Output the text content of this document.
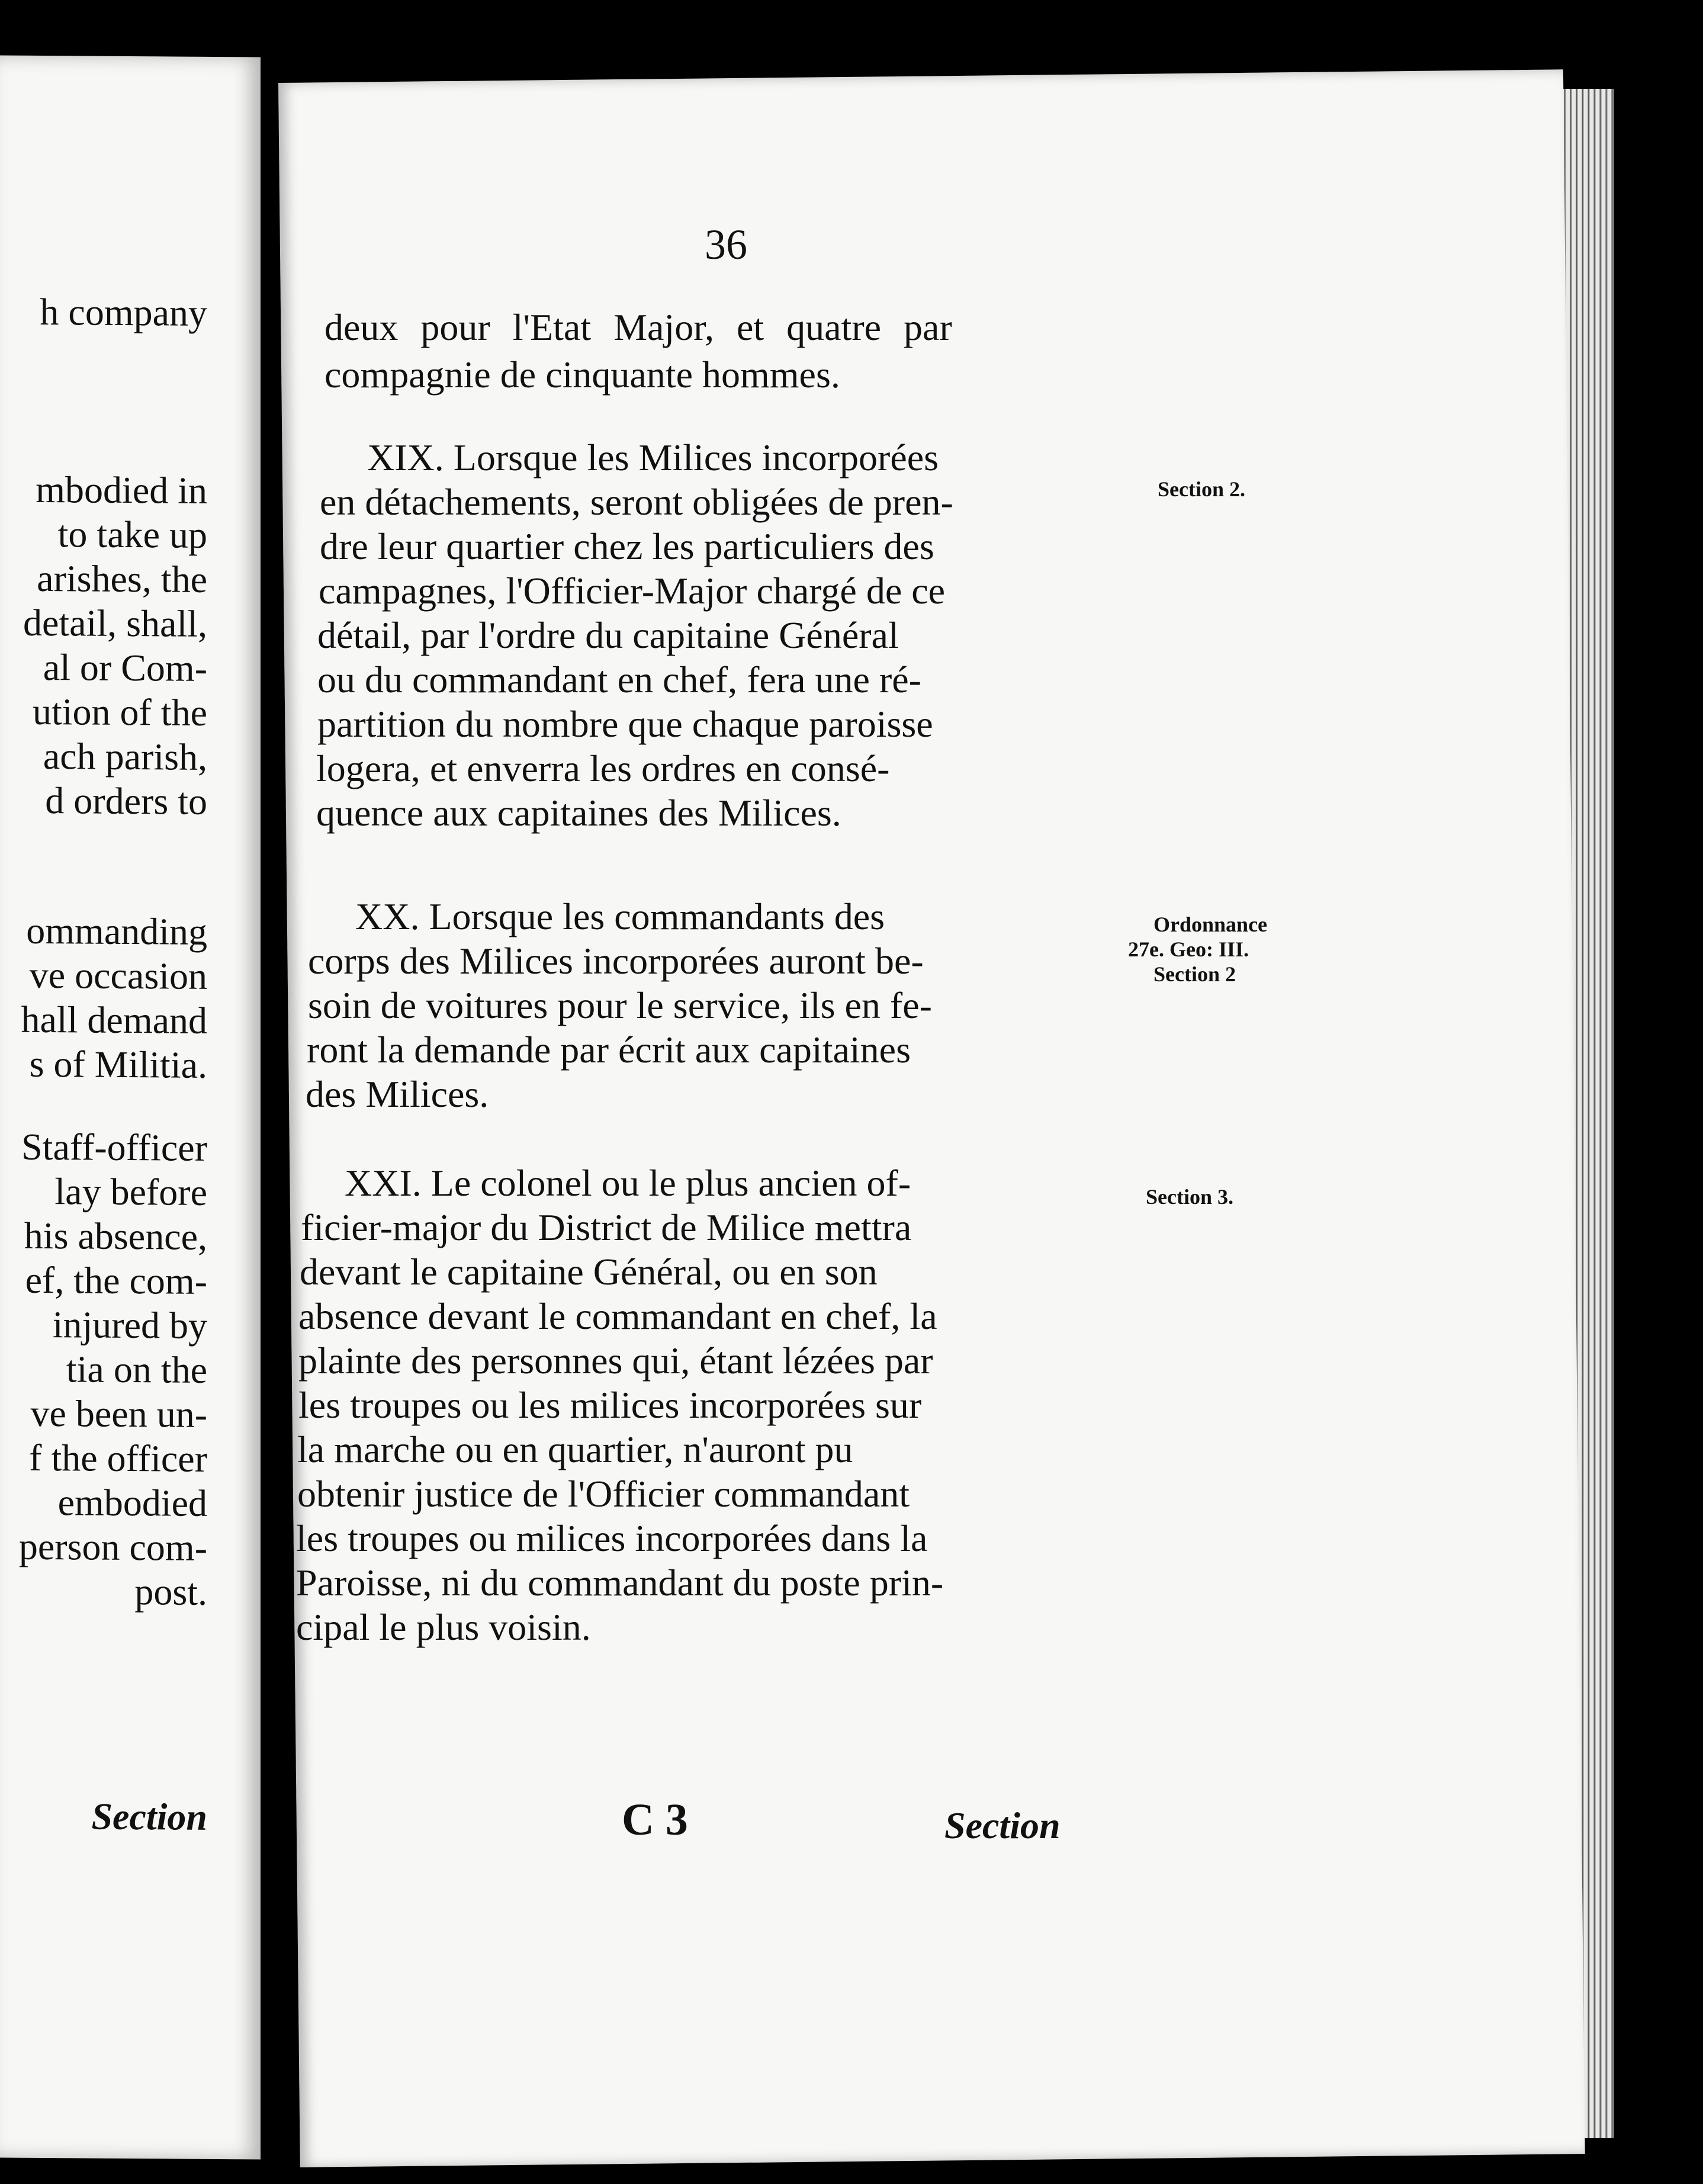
h company
mbodied in
to take up
arishes, the
detail, shall,
al or Com-
ution of the
ach parish,
d orders to
ommanding
ve occasion
hall demand
s of Militia.
Staff-officer
lay before
his absence,
ef, the com-
injured by
tia on the
ve been un-
f the officer
embodied
person com-
post.
Section
36
deux pour l'Etat Major, et quatre par
compagnie de cinquante hommes.
XIX. Lorsque les Milices incorporées
en détachements, seront obligées de pren-
dre leur quartier chez les particuliers des
campagnes, l'Officier-Major chargé de ce
détail, par l'ordre du capitaine Général
ou du commandant en chef, fera une ré-
partition du nombre que chaque paroisse
logera, et enverra les ordres en consé-
quence aux capitaines des Milices.
XX. Lorsque les commandants des
corps des Milices incorporées auront be-
soin de voitures pour le service, ils en fe-
ront la demande par écrit aux capitaines
des Milices.
XXI. Le colonel ou le plus ancien of-
ficier-major du District de Milice mettra
devant le capitaine Général, ou en son
absence devant le commandant en chef, la
plainte des personnes qui, étant lézées par
les troupes ou les milices incorporées sur
la marche ou en quartier, n'auront pu
obtenir justice de l'Officier commandant
les troupes ou milices incorporées dans la
Paroisse, ni du commandant du poste prin-
cipal le plus voisin.
Section 2.
Ordonnance
27e. Geo: III.
Section 2
Section 3.
C 3	Section
